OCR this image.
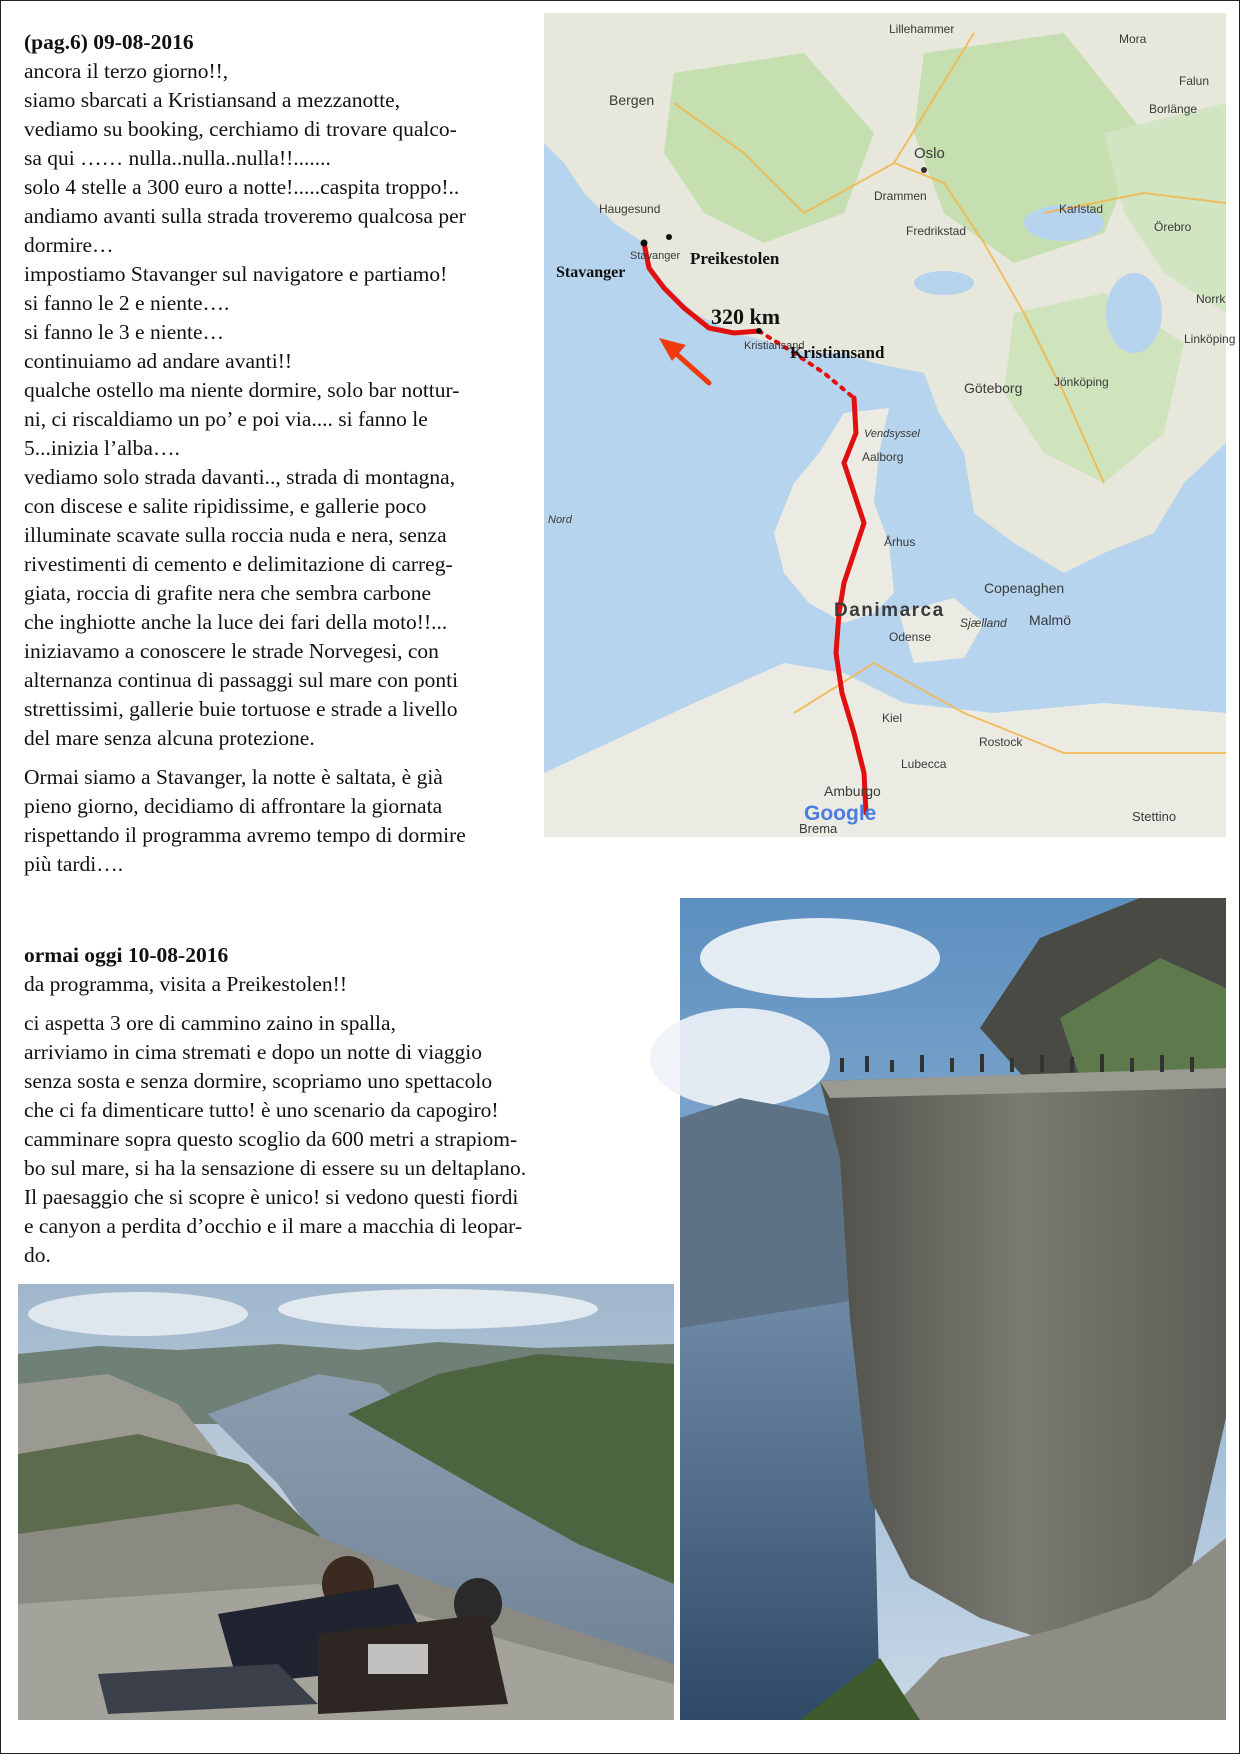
(pag.6) 09-08-2016

ancora il terzo giorno!!,

siamo sbarcati a Kristiansand a mezzanotte,

vediamo su booking, cerchiamo di trovare qualco-

sa qui …… nulla..nulla..nulla!!.......

solo 4 stelle a 300 euro a notte!.....caspita troppo!..

andiamo avanti sulla strada troveremo qualcosa per

dormire…

impostiamo Stavanger sul navigatore e partiamo!

si fanno le 2 e niente….

si fanno le 3 e niente…

continuiamo ad andare avanti!!

qualche ostello ma niente dormire, solo bar nottur-

ni, ci riscaldiamo un po’ e poi via.... si fanno le

5...inizia l’alba….

vediamo solo strada davanti.., strada di montagna,

con discese e salite ripidissime, e gallerie poco

illuminate scavate sulla roccia nuda e nera, senza

rivestimenti di cemento e delimitazione di carreg-

giata, roccia di grafite nera che sembra carbone

che inghiotte anche la luce dei fari della moto!!...

iniziavamo a conoscere le strade Norvegesi, con

alternanza continua di passaggi sul mare con ponti

strettissimi, gallerie buie tortuose e strade a livello

del mare senza alcuna protezione.

Ormai siamo a Stavanger, la notte è saltata, è già

pieno giorno, decidiamo di affrontare la giornata

rispettando il programma avremo tempo di dormire

più tardi….

ormai oggi 10-08-2016

da programma, visita a Preikestolen!!

ci aspetta 3 ore di cammino zaino in spalla,

arriviamo in cima stremati e dopo un notte di viaggio

senza sosta e senza dormire, scopriamo uno spettacolo

che ci fa dimenticare tutto! è uno scenario da capogiro!

camminare sopra questo scoglio da 600 metri a strapiom-

bo sul mare, si ha la sensazione di essere su un deltaplano.

Il paesaggio che si scopre è unico! si vedono questi fiordi

e canyon a perdita d’occhio e il mare a macchia di leopar-

do.

Lillehammer
Mora
Falun
Borlänge
Bergen
Oslo
Drammen
Haugesund	Karlstad
Örebro
Fredrikstad
Norrk
Linköping
Göteborg	Jönköping
Stavanger
Kristiansand
Vendsyssel
Aalborg
Nord
Århus
Copenaghen
Danimarca
Sjælland Malmö
Odense
Kiel
Rostock
Lubecca
Amburgo
Stettino
Brema
Google
Stavanger
Preikestolen
Kristiansand
320 km
